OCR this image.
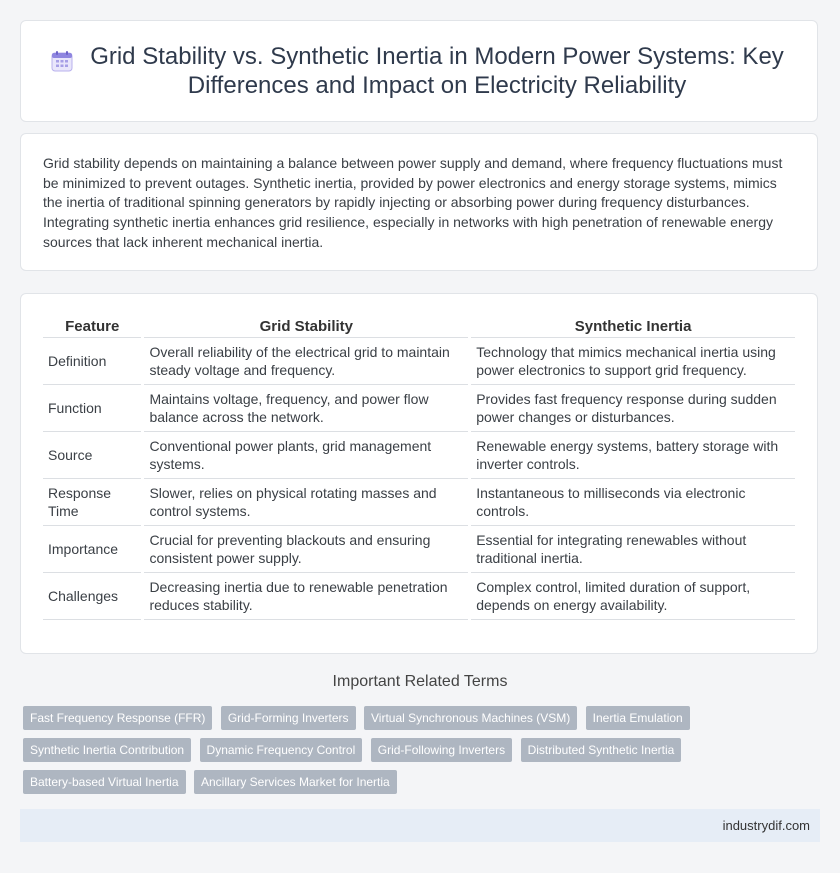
Grid Stability vs. Synthetic Inertia in Modern Power Systems: Key Differences and Impact on Electricity Reliability

Grid stability depends on maintaining a balance between power supply and demand, where frequency fluctuations must be minimized to prevent outages. Synthetic inertia, provided by power electronics and energy storage systems, mimics the inertia of traditional spinning generators by rapidly injecting or absorbing power during frequency disturbances. Integrating synthetic inertia enhances grid resilience, especially in networks with high penetration of renewable energy sources that lack inherent mechanical inertia.

Feature	Grid Stability	Synthetic Inertia
Definition	Overall reliability of the electrical grid to maintain steady voltage and frequency.	Technology that mimics mechanical inertia using power electronics to support grid frequency.
Function	Maintains voltage, frequency, and power flow balance across the network.	Provides fast frequency response during sudden power changes or disturbances.
Source	Conventional power plants, grid management systems.	Renewable energy systems, battery storage with inverter controls.
Response Time	Slower, relies on physical rotating masses and control systems.	Instantaneous to milliseconds via electronic controls.
Importance	Crucial for preventing blackouts and ensuring consistent power supply.	Essential for integrating renewables without traditional inertia.
Challenges	Decreasing inertia due to renewable penetration reduces stability.	Complex control, limited duration of support, depends on energy availability.
Important Related Terms
Fast Frequency Response (FFR) Grid-Forming Inverters Virtual Synchronous Machines (VSM) Inertia Emulation Synthetic Inertia Contribution Dynamic Frequency Control Grid-Following Inverters Distributed Synthetic Inertia Battery-based Virtual Inertia Ancillary Services Market for Inertia
industrydif.com
